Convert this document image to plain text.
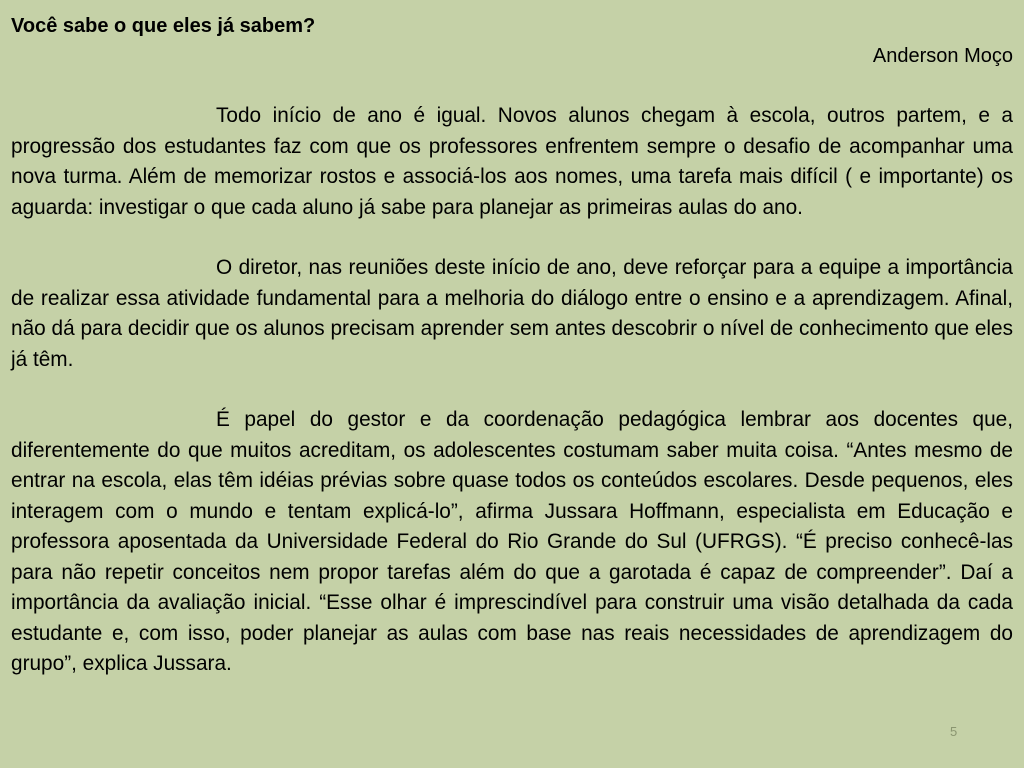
Você sabe o que eles já sabem?

Anderson Moço

Todo início de ano é igual. Novos alunos chegam à escola, outros partem, e a progressão dos estudantes faz com que os professores enfrentem sempre o desafio de acompanhar uma nova turma. Além de memorizar rostos e associá-los aos nomes, uma tarefa mais difícil ( e importante) os aguarda: investigar o que cada aluno já sabe para planejar as primeiras aulas do ano.

O diretor, nas reuniões deste início de ano, deve reforçar para a equipe a importância de realizar essa atividade fundamental para a melhoria do diálogo entre o ensino e a aprendizagem. Afinal, não dá para decidir que os alunos precisam aprender sem antes descobrir o nível de conhecimento que eles já têm.

É papel do gestor e da coordenação pedagógica lembrar aos docentes que, diferentemente do que muitos acreditam, os adolescentes costumam saber muita coisa. “Antes mesmo de entrar na escola, elas têm idéias prévias sobre quase todos os conteúdos escolares. Desde pequenos, eles interagem com o mundo e tentam explicá-lo”, afirma Jussara Hoffmann, especialista em Educação e professora aposentada da Universidade Federal do Rio Grande do Sul (UFRGS). “É preciso conhecê-las para não repetir conceitos nem propor tarefas além do que a garotada é capaz de compreender”. Daí a importância da avaliação inicial. “Esse olhar é imprescindível para construir uma visão detalhada da cada estudante e, com isso, poder planejar as aulas com base nas reais necessidades de aprendizagem do grupo”, explica Jussara.

5
